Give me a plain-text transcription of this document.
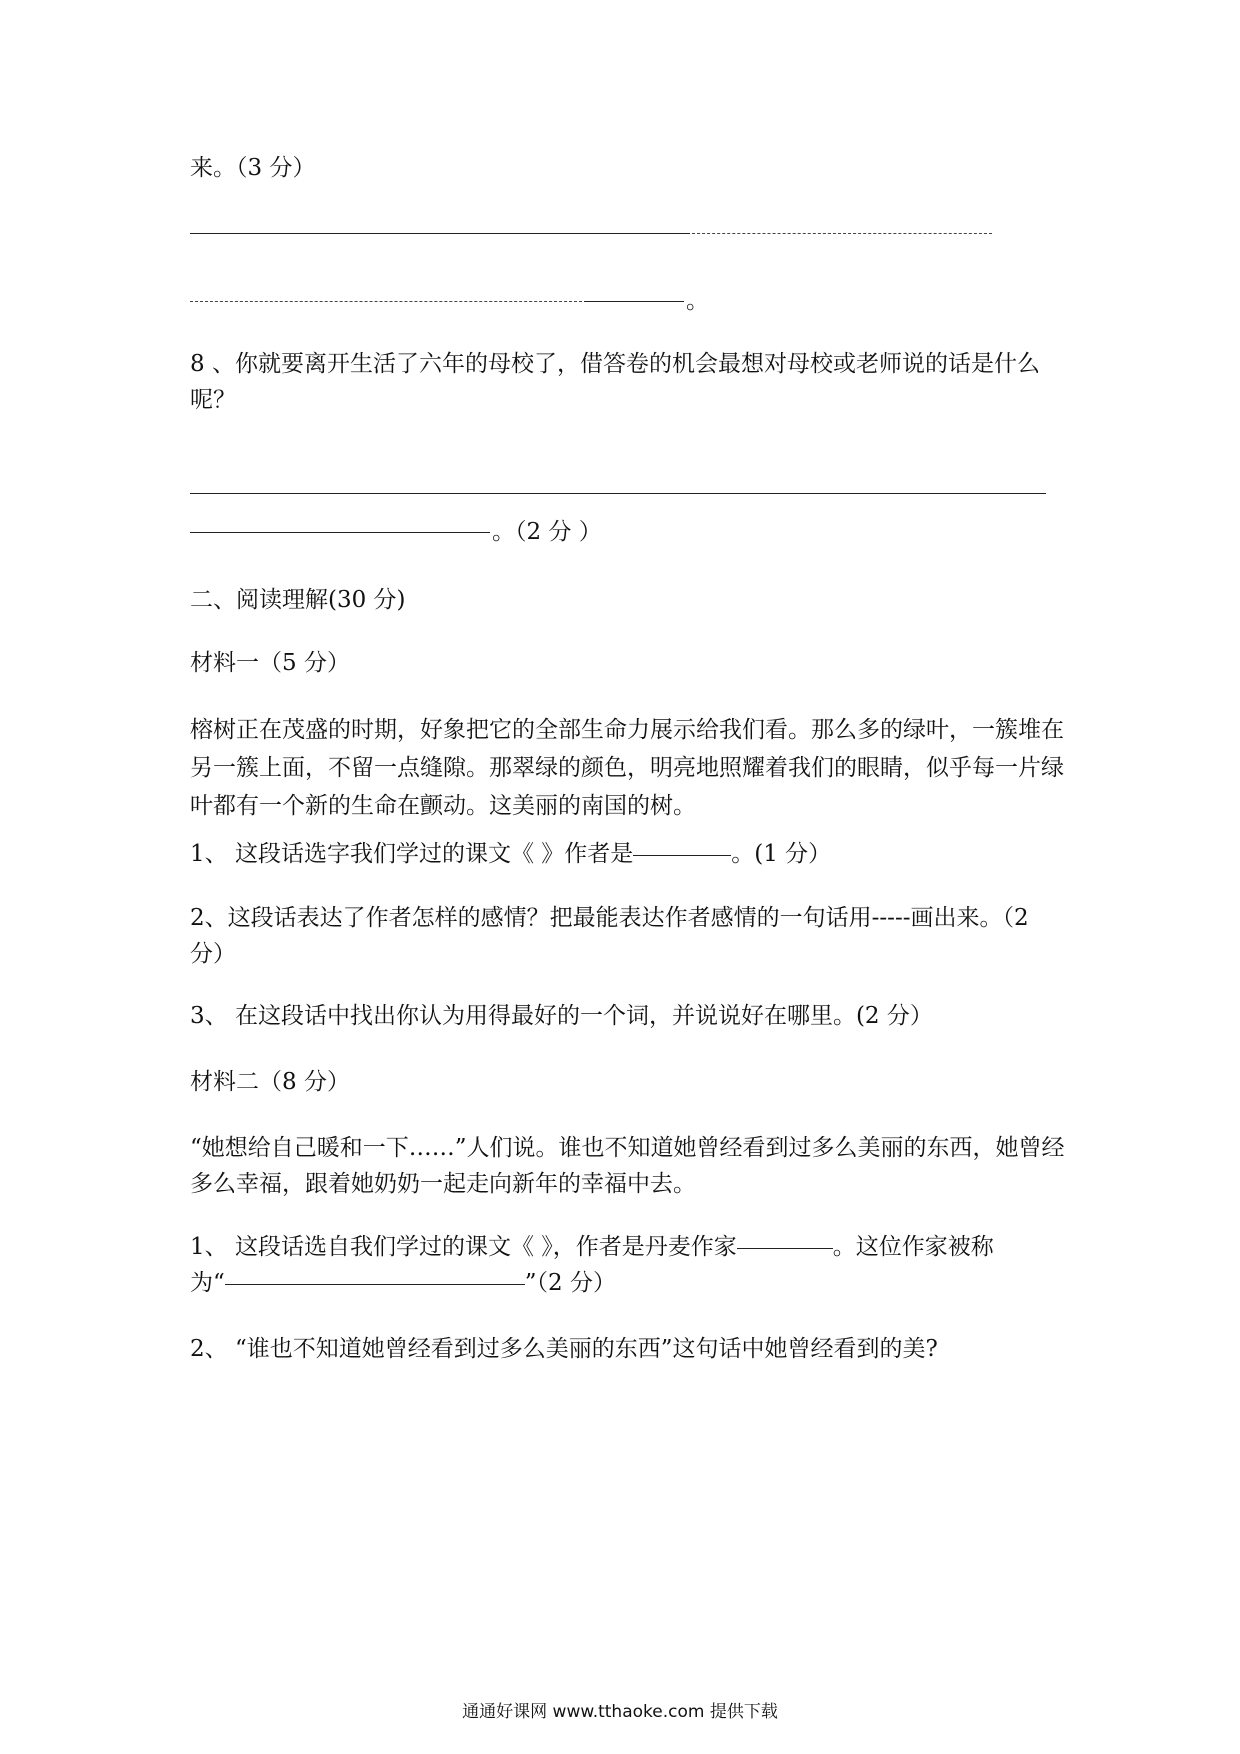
来。（3 分）
。
8 、你就要离开生活了六年的母校了，借答卷的机会最想对母校或老师说的话是什么呢？
。（2 分 ）
二、阅读理解(30 分)
材料一（5 分）
榕树正在茂盛的时期，好象把它的全部生命力展示给我们看。那么多的绿叶，一簇堆在另一簇上面，不留一点缝隙。那翠绿的颜色，明亮地照耀着我们的眼睛，似乎每一片绿叶都有一个新的生命在颤动。这美丽的南国的树。
1、 这段话选字我们学过的课文《 》作者是	。(1 分）
2、这段话表达了作者怎样的感情？把最能表达作者感情的一句话用-----画出来。（2 分）
3、 在这段话中找出你认为用得最好的一个词，并说说好在哪里。(2 分）
材料二（8 分）
“她想给自己暖和一下……”人们说。谁也不知道她曾经看到过多么美丽的东西，她曾经多么幸福，跟着她奶奶一起走向新年的幸福中去。
1、 这段话选自我们学过的课文《 》，作者是丹麦作家	。这位作家被称
为“	”（2 分）
2、 “谁也不知道她曾经看到过多么美丽的东西”这句话中她曾经看到的美?
通通好课网 www.tthaoke.com 提供下载
